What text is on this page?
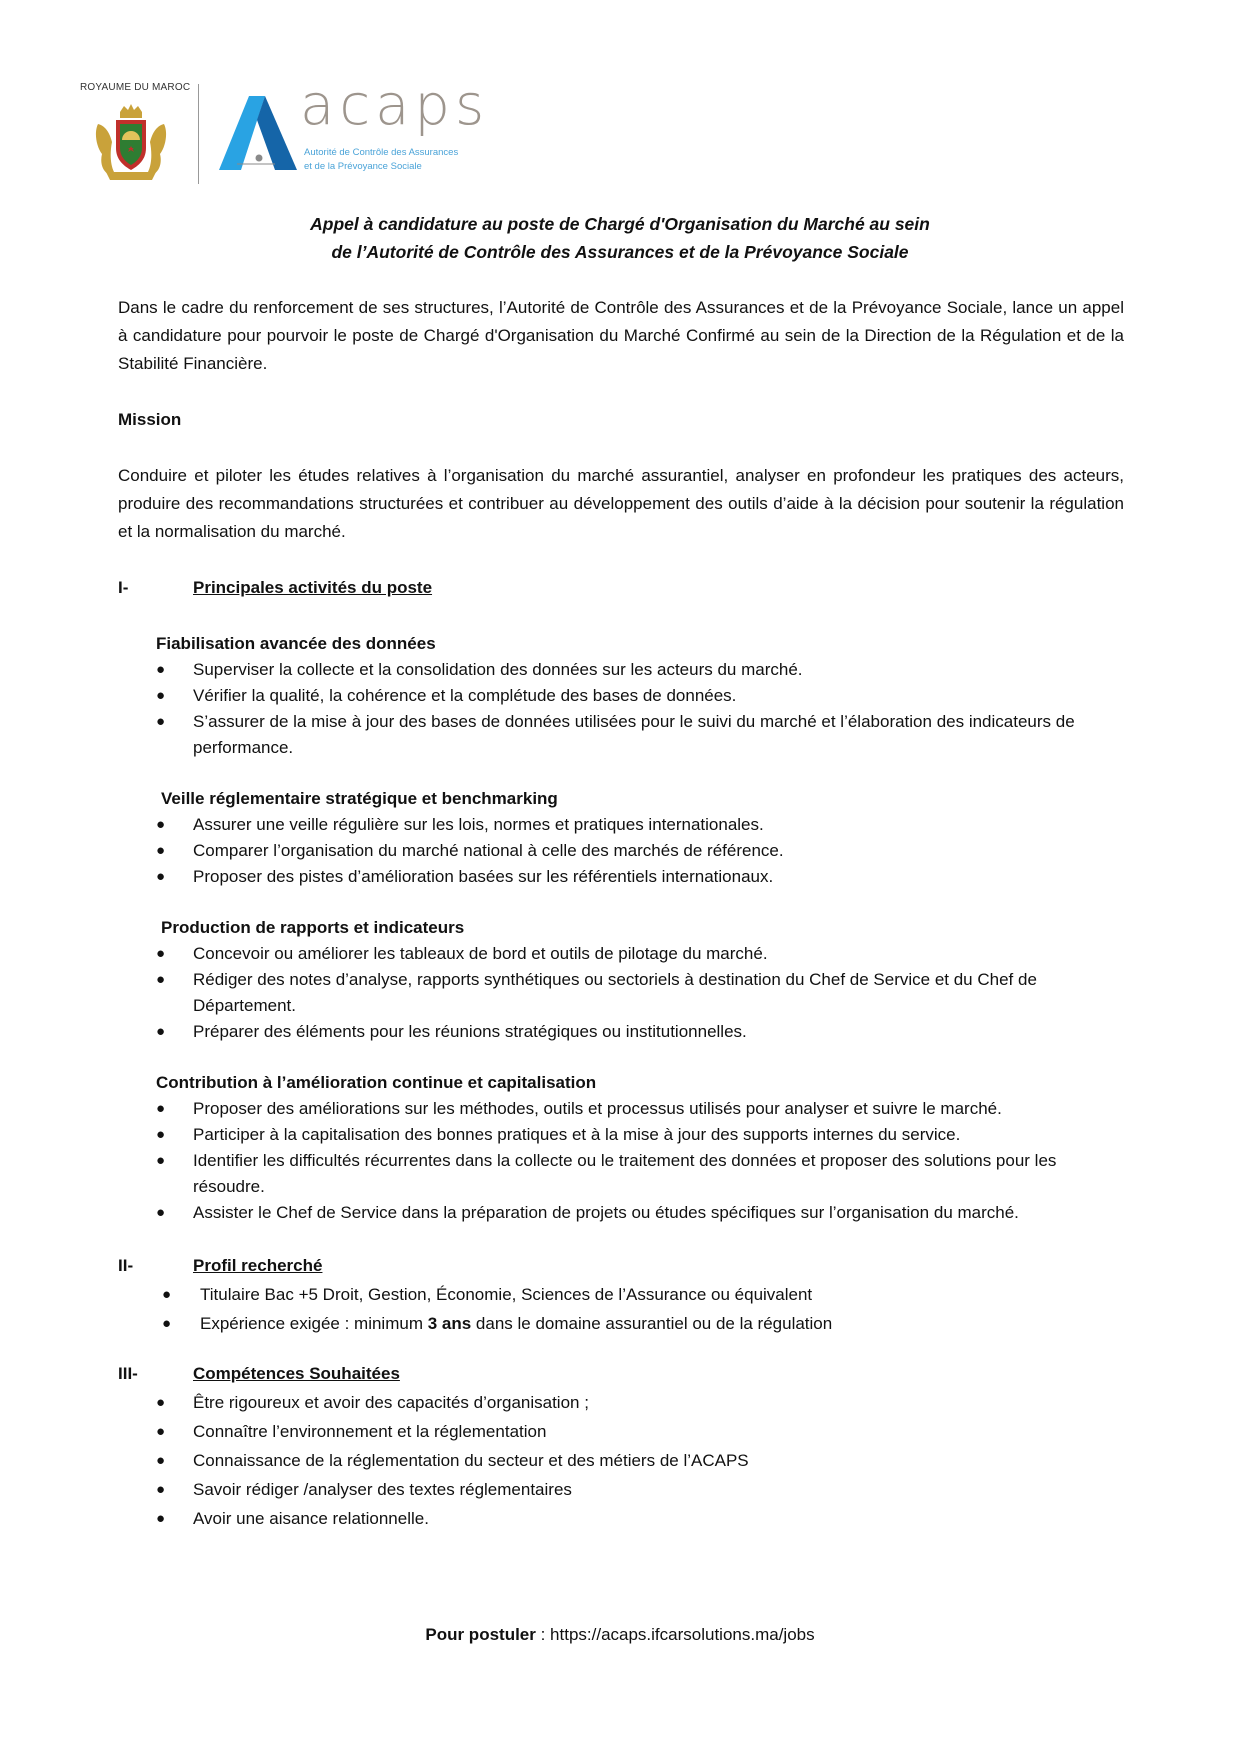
ROYAUME DU MAROC acaps
Autorité de Contrôle des Assurances
et de la Prévoyance Sociale
Appel à candidature au poste de Chargé d'Organisation du Marché au sein
de l’Autorité de Contrôle des Assurances et de la Prévoyance Sociale

Dans le cadre du renforcement de ses structures, l’Autorité de Contrôle des Assurances et de la Prévoyance Sociale, lance un appel à candidature pour pourvoir le poste de Chargé d'Organisation du Marché Confirmé au sein de la Direction de la Régulation et de la Stabilité Financière.

Mission

Conduire et piloter les études relatives à l’organisation du marché assurantiel, analyser en profondeur les pratiques des acteurs, produire des recommandations structurées et contribuer au développement des outils d’aide à la décision pour soutenir la régulation et la normalisation du marché.

I-	Principales activités du poste
Fiabilisation avancée des données
● Superviser la collecte et la consolidation des données sur les acteurs du marché.
● Vérifier la qualité, la cohérence et la complétude des bases de données.
● S’assurer de la mise à jour des bases de données utilisées pour le suivi du marché et l’élaboration des indicateurs de performance.
Veille réglementaire stratégique et benchmarking
● Assurer une veille régulière sur les lois, normes et pratiques internationales.
● Comparer l’organisation du marché national à celle des marchés de référence.
● Proposer des pistes d’amélioration basées sur les référentiels internationaux.
Production de rapports et indicateurs
● Concevoir ou améliorer les tableaux de bord et outils de pilotage du marché.
● Rédiger des notes d’analyse, rapports synthétiques ou sectoriels à destination du Chef de Service et du Chef de Département.
● Préparer des éléments pour les réunions stratégiques ou institutionnelles.
Contribution à l’amélioration continue et capitalisation
● Proposer des améliorations sur les méthodes, outils et processus utilisés pour analyser et suivre le marché.
● Participer à la capitalisation des bonnes pratiques et à la mise à jour des supports internes du service.
● Identifier les difficultés récurrentes dans la collecte ou le traitement des données et proposer des solutions pour les résoudre.
● Assister le Chef de Service dans la préparation de projets ou études spécifiques sur l’organisation du marché.
II-	Profil recherché
● Titulaire Bac +5 Droit, Gestion, Économie, Sciences de l’Assurance ou équivalent
● Expérience exigée : minimum 3 ans dans le domaine assurantiel ou de la régulation
III-	Compétences Souhaitées
● Être rigoureux et avoir des capacités d’organisation ;
● Connaître l’environnement et la réglementation
● Connaissance de la réglementation du secteur et des métiers de l’ACAPS
● Savoir rédiger /analyser des textes réglementaires
● Avoir une aisance relationnelle.
Pour postuler : https://acaps.ifcarsolutions.ma/jobs
